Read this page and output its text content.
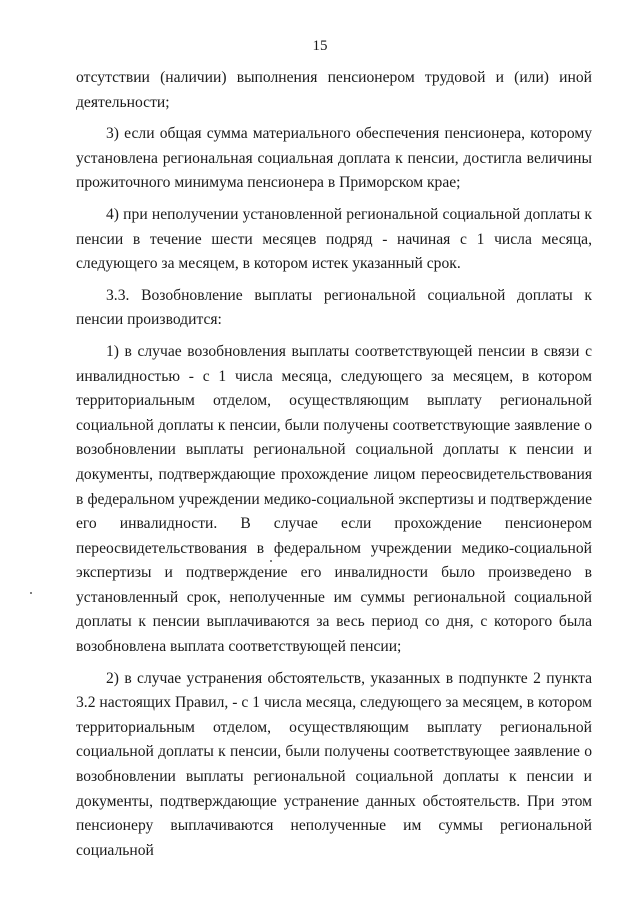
15

отсутствии (наличии) выполнения пенсионером трудовой и (или) иной деятельности;

3) если общая сумма материального обеспечения пенсионера, которому установлена региональная социальная доплата к пенсии, достигла величины прожиточного минимума пенсионера в Приморском крае;

4) при неполучении установленной региональной социальной доплаты к пенсии в течение шести месяцев подряд - начиная с 1 числа месяца, следующего за месяцем, в котором истек указанный срок.

3.3. Возобновление выплаты региональной социальной доплаты к пенсии производится:

1) в случае возобновления выплаты соответствующей пенсии в связи с инвалидностью - с 1 числа месяца, следующего за месяцем, в котором территориальным отделом, осуществляющим выплату региональной социальной доплаты к пенсии, были получены соответствующие заявление о возобновлении выплаты региональной социальной доплаты к пенсии и документы, подтверждающие прохождение лицом переосвидетельствования в федеральном учреждении медико-социальной экспертизы и подтверждение его инвалидности. В случае если прохождение пенсионером переосвидетельствования в федеральном учреждении медико-социальной экспертизы и подтверждение его инвалидности было произведено в установленный срок, неполученные им суммы региональной социальной доплаты к пенсии выплачиваются за весь период со дня, с которого была возобновлена выплата соответствующей пенсии;

2) в случае устранения обстоятельств, указанных в подпункте 2 пункта 3.2 настоящих Правил, - с 1 числа месяца, следующего за месяцем, в котором территориальным отделом, осуществляющим выплату региональной социальной доплаты к пенсии, были получены соответствующее заявление о возобновлении выплаты региональной социальной доплаты к пенсии и документы, подтверждающие устранение данных обстоятельств. При этом пенсионеру выплачиваются неполученные им суммы региональной социальной
